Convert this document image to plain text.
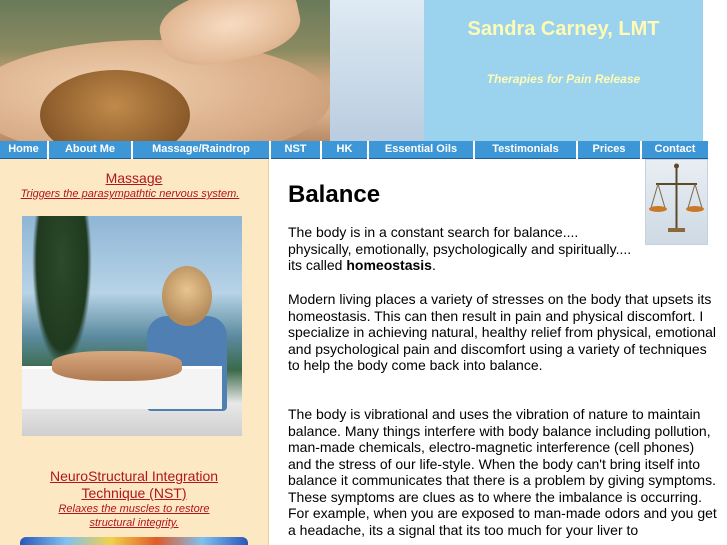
Sandra Carney, LMT
Therapies for Pain Release
Home	About Me	Massage/Raindrop	NST	HK	Essential Oils	Testimonials	Prices	Contact
Massage
Triggers the parasympathtic nervous system.
NeuroStructural Integration
Technique (NST)
Relaxes the muscles to restore
structural integrity.
Balance

The body is in a constant search for balance....
physically, emotionally, psychologically and spiritually....
its called homeostasis.

Modern living places a variety of stresses on the body that upsets its homeostasis. This can then result in pain and physical discomfort. I specialize in achieving natural, healthy relief from physical, emotional and psychological pain and discomfort using a variety of techniques to help the body come back into balance.

The body is vibrational and uses the vibration of nature to maintain balance. Many things interfere with body balance including pollution, man-made chemicals, electro-magnetic interference (cell phones) and the stress of our life-style. When the body can't bring itself into balance it communicates that there is a problem by giving symptoms. These symptoms are clues as to where the imbalance is occurring. For example, when you are exposed to man-made odors and you get a headache, its a signal that its too much for your liver to
